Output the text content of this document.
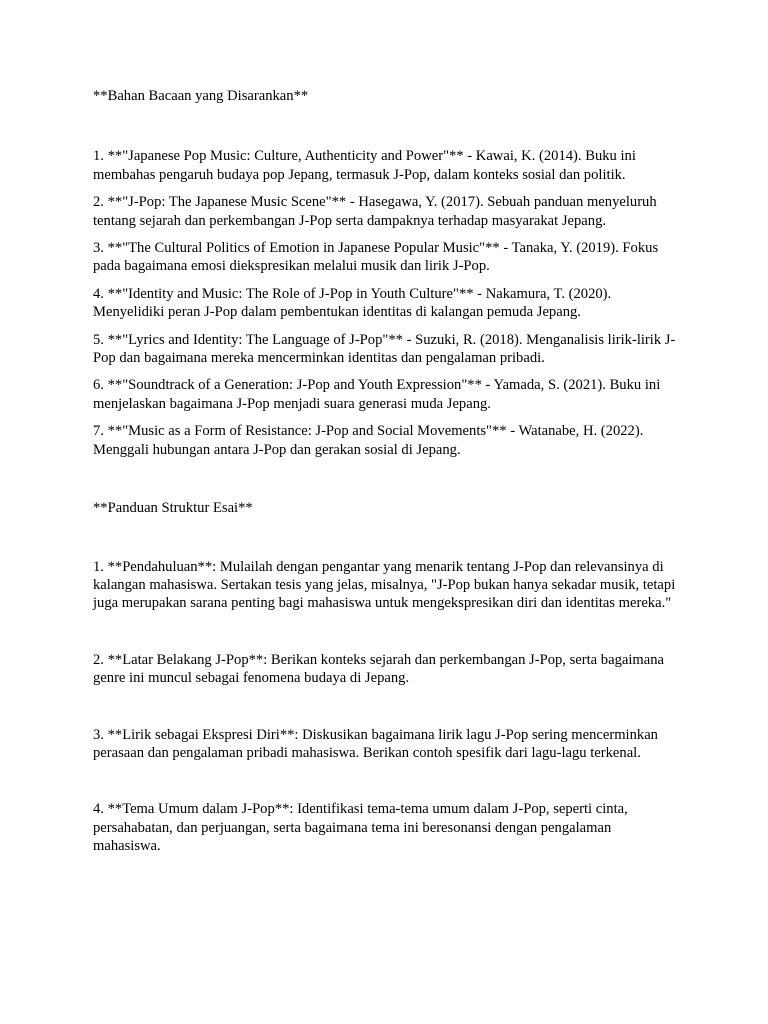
**Bahan Bacaan yang Disarankan**

1. **"Japanese Pop Music: Culture, Authenticity and Power"** - Kawai, K. (2014). Buku ini membahas pengaruh budaya pop Jepang, termasuk J-Pop, dalam konteks sosial dan politik.

2. **"J-Pop: The Japanese Music Scene"** - Hasegawa, Y. (2017). Sebuah panduan menyeluruh tentang sejarah dan perkembangan J-Pop serta dampaknya terhadap masyarakat Jepang.

3. **"The Cultural Politics of Emotion in Japanese Popular Music"** - Tanaka, Y. (2019). Fokus pada bagaimana emosi diekspresikan melalui musik dan lirik J-Pop.

4. **"Identity and Music: The Role of J-Pop in Youth Culture"** - Nakamura, T. (2020). Menyelidiki peran J-Pop dalam pembentukan identitas di kalangan pemuda Jepang.

5. **"Lyrics and Identity: The Language of J-Pop"** - Suzuki, R. (2018). Menganalisis lirik-lirik J-Pop dan bagaimana mereka mencerminkan identitas dan pengalaman pribadi.

6. **"Soundtrack of a Generation: J-Pop and Youth Expression"** - Yamada, S. (2021). Buku ini menjelaskan bagaimana J-Pop menjadi suara generasi muda Jepang.

7. **"Music as a Form of Resistance: J-Pop and Social Movements"** - Watanabe, H. (2022). Menggali hubungan antara J-Pop dan gerakan sosial di Jepang.

**Panduan Struktur Esai**

1. **Pendahuluan**: Mulailah dengan pengantar yang menarik tentang J-Pop dan relevansinya di kalangan mahasiswa. Sertakan tesis yang jelas, misalnya, "J-Pop bukan hanya sekadar musik, tetapi juga merupakan sarana penting bagi mahasiswa untuk mengekspresikan diri dan identitas mereka."

2. **Latar Belakang J-Pop**: Berikan konteks sejarah dan perkembangan J-Pop, serta bagaimana genre ini muncul sebagai fenomena budaya di Jepang.

3. **Lirik sebagai Ekspresi Diri**: Diskusikan bagaimana lirik lagu J-Pop sering mencerminkan perasaan dan pengalaman pribadi mahasiswa. Berikan contoh spesifik dari lagu-lagu terkenal.

4. **Tema Umum dalam J-Pop**: Identifikasi tema-tema umum dalam J-Pop, seperti cinta, persahabatan, dan perjuangan, serta bagaimana tema ini beresonansi dengan pengalaman mahasiswa.
